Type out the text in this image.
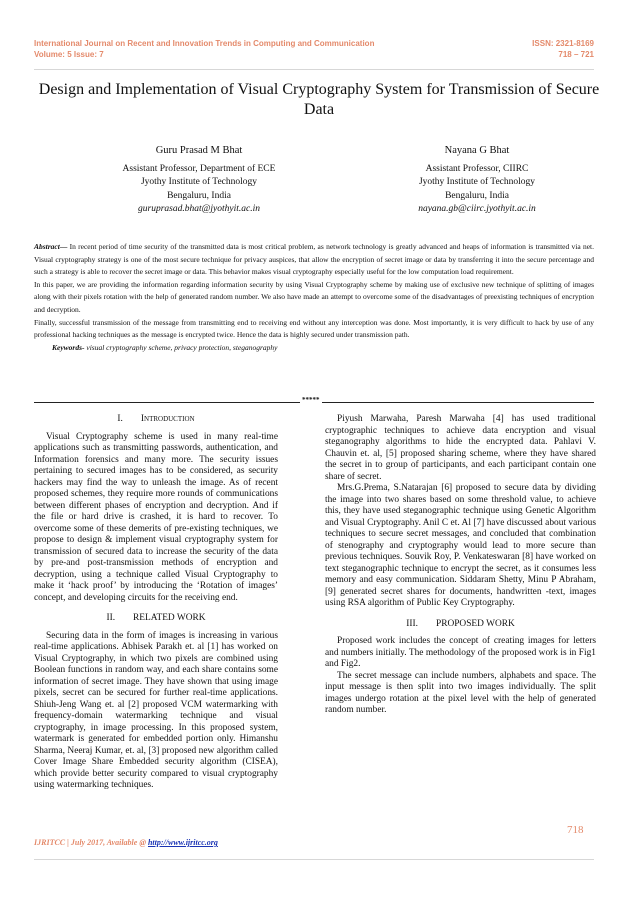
International Journal on Recent and Innovation Trends in Computing and Communication	ISSN: 2321-8169
Volume: 5 Issue: 7	718 – 721
Design and Implementation of Visual Cryptography System for Transmission of Secure Data
Guru Prasad M Bhat
Assistant Professor, Department of ECE
Jyothy Institute of Technology
Bengaluru, India
guruprasad.bhat@jyothyit.ac.in
Nayana G Bhat
Assistant Professor, CIIRC
Jyothy Institute of Technology
Bengaluru, India
nayana.gb@ciirc.jyothyit.ac.in

Abstract— In recent period of time security of the transmitted data is most critical problem, as network technology is greatly advanced and heaps of information is transmitted via net. Visual cryptography strategy is one of the most secure technique for privacy auspices, that allow the encryption of secret image or data by transferring it into the secure percentage and such a strategy is able to recover the secret image or data. This behavior makes visual cryptography especially useful for the low computation load requirement.

In this paper, we are providing the information regarding information security by using Visual Cryptography scheme by making use of exclusive new technique of splitting of images along with their pixels rotation with the help of generated random number. We also have made an attempt to overcome some of the disadvantages of preexisting techniques of encryption and decryption.

Finally, successful transmission of the message from transmitting end to receiving end without any interception was done. Most importantly, it is very difficult to hack by use of any professional hacking techniques as the message is encrypted twice. Hence the data is highly secured under transmission path.

Keywords- visual cryptography scheme, privacy protection, steganography

*****
I. Introduction

Visual Cryptography scheme is used in many real-time applications such as transmitting passwords, authentication, and Information forensics and many more. The security issues pertaining to secured images has to be considered, as security hackers may find the way to unleash the image. As of recent proposed schemes, they require more rounds of communications between different phases of encryption and decryption. And if the file or hard drive is crashed, it is hard to recover. To overcome some of these demerits of pre-existing techniques, we propose to design & implement visual cryptography system for transmission of secured data to increase the security of the data by pre-and post-transmission methods of encryption and decryption, using a technique called Visual Cryptography to make it ‘hack proof’ by introducing the ‘Rotation of images’ concept, and developing circuits for the receiving end.

II. RELATED WORK

Securing data in the form of images is increasing in various real-time applications. Abhisek Parakh et. al [1] has worked on Visual Cryptography, in which two pixels are combined using Boolean functions in random way, and each share contains some information of secret image. They have shown that using image pixels, secret can be secured for further real-time applications. Shiuh-Jeng Wang et. al [2] proposed VCM watermarking with frequency-domain watermarking technique and visual cryptography, in image processing. In this proposed system, watermark is generated for embedded portion only. Himanshu Sharma, Neeraj Kumar, et. al, [3] proposed new algorithm called Cover Image Share Embedded security algorithm (CISEA), which provide better security compared to visual cryptography using watermarking techniques.

Piyush Marwaha, Paresh Marwaha [4] has used traditional cryptographic techniques to achieve data encryption and visual steganography algorithms to hide the encrypted data. Pahlavi V. Chauvin et. al, [5] proposed sharing scheme, where they have shared the secret in to group of participants, and each participant contain one share of secret.

Mrs.G.Prema, S.Natarajan [6] proposed to secure data by dividing the image into two shares based on some threshold value, to achieve this, they have used steganographic technique using Genetic Algorithm and Visual Cryptography. Anil C et. Al [7] have discussed about various techniques to secure secret messages, and concluded that combination of stenography and cryptography would lead to more secure than previous techniques. Souvik Roy, P. Venkateswaran [8] have worked on text steganographic technique to encrypt the secret, as it consumes less memory and easy communication. Siddaram Shetty, Minu P Abraham, [9] generated secret shares for documents, handwritten -text, images using RSA algorithm of Public Key Cryptography.

III. PROPOSED WORK

Proposed work includes the concept of creating images for letters and numbers initially. The methodology of the proposed work is in Fig1 and Fig2.

The secret message can include numbers, alphabets and space. The input message is then split into two images individually. The split images undergo rotation at the pixel level with the help of generated random number.

718
IJRITCC | July 2017, Available @ http://www.ijritcc.org
